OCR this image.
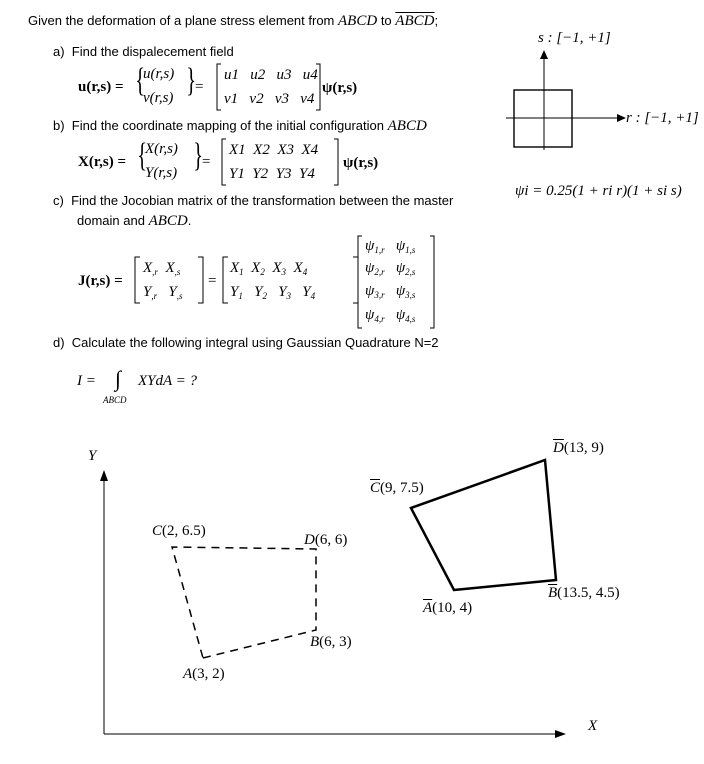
Given the deformation of a plane stress element from ABCD to ABCD;
a) Find the dispalecement field
u(r,s) = {
u(r,s)
v(r,s) }
=
u1 u2 u3 u4
v1 v2 v3 v4
ψ(r,s)
b) Find the coordinate mapping of the initial configuration ABCD
X(r,s) = {
X(r,s)
Y(r,s) }
=
X1 X2 X3 X4
Y1 Y2 Y3 Y4
ψ(r,s)
c) Find the Jocobian matrix of the transformation between the master
domain and ABCD.
J(r,s) =
$X_{,r}$  $X_{,s}$
$Y_{,r}$   $Y_{,s}$
=
$X_1$  $X_2$  $X_3$  $X_4$
$Y_1$   $Y_2$   $Y_3$   $Y_4$
$\psi_{1,r}$   $\psi_{1,s}$
$\psi_{2,r}$   $\psi_{2,s}$
$\psi_{3,r}$   $\psi_{3,s}$
$\psi_{4,r}$   $\psi_{4,s}$
d) Calculate the following integral using Gaussian Quadrature N=2
I = ∫ XYdA = ?
ABCD
s : [−1, +1]
r : [−1, +1]
ψi = 0.25(1 + ri r)(1 + si s)
Y
X
A(3, 2)
B(6, 3)
D(6, 6)
C(2, 6.5)
$\overline{A}(10$, 4)
$\overline{B}(13.5$, 4.5)
$\overline{D}(13$, 9)
$\overline{C}(9$, 7.5)
